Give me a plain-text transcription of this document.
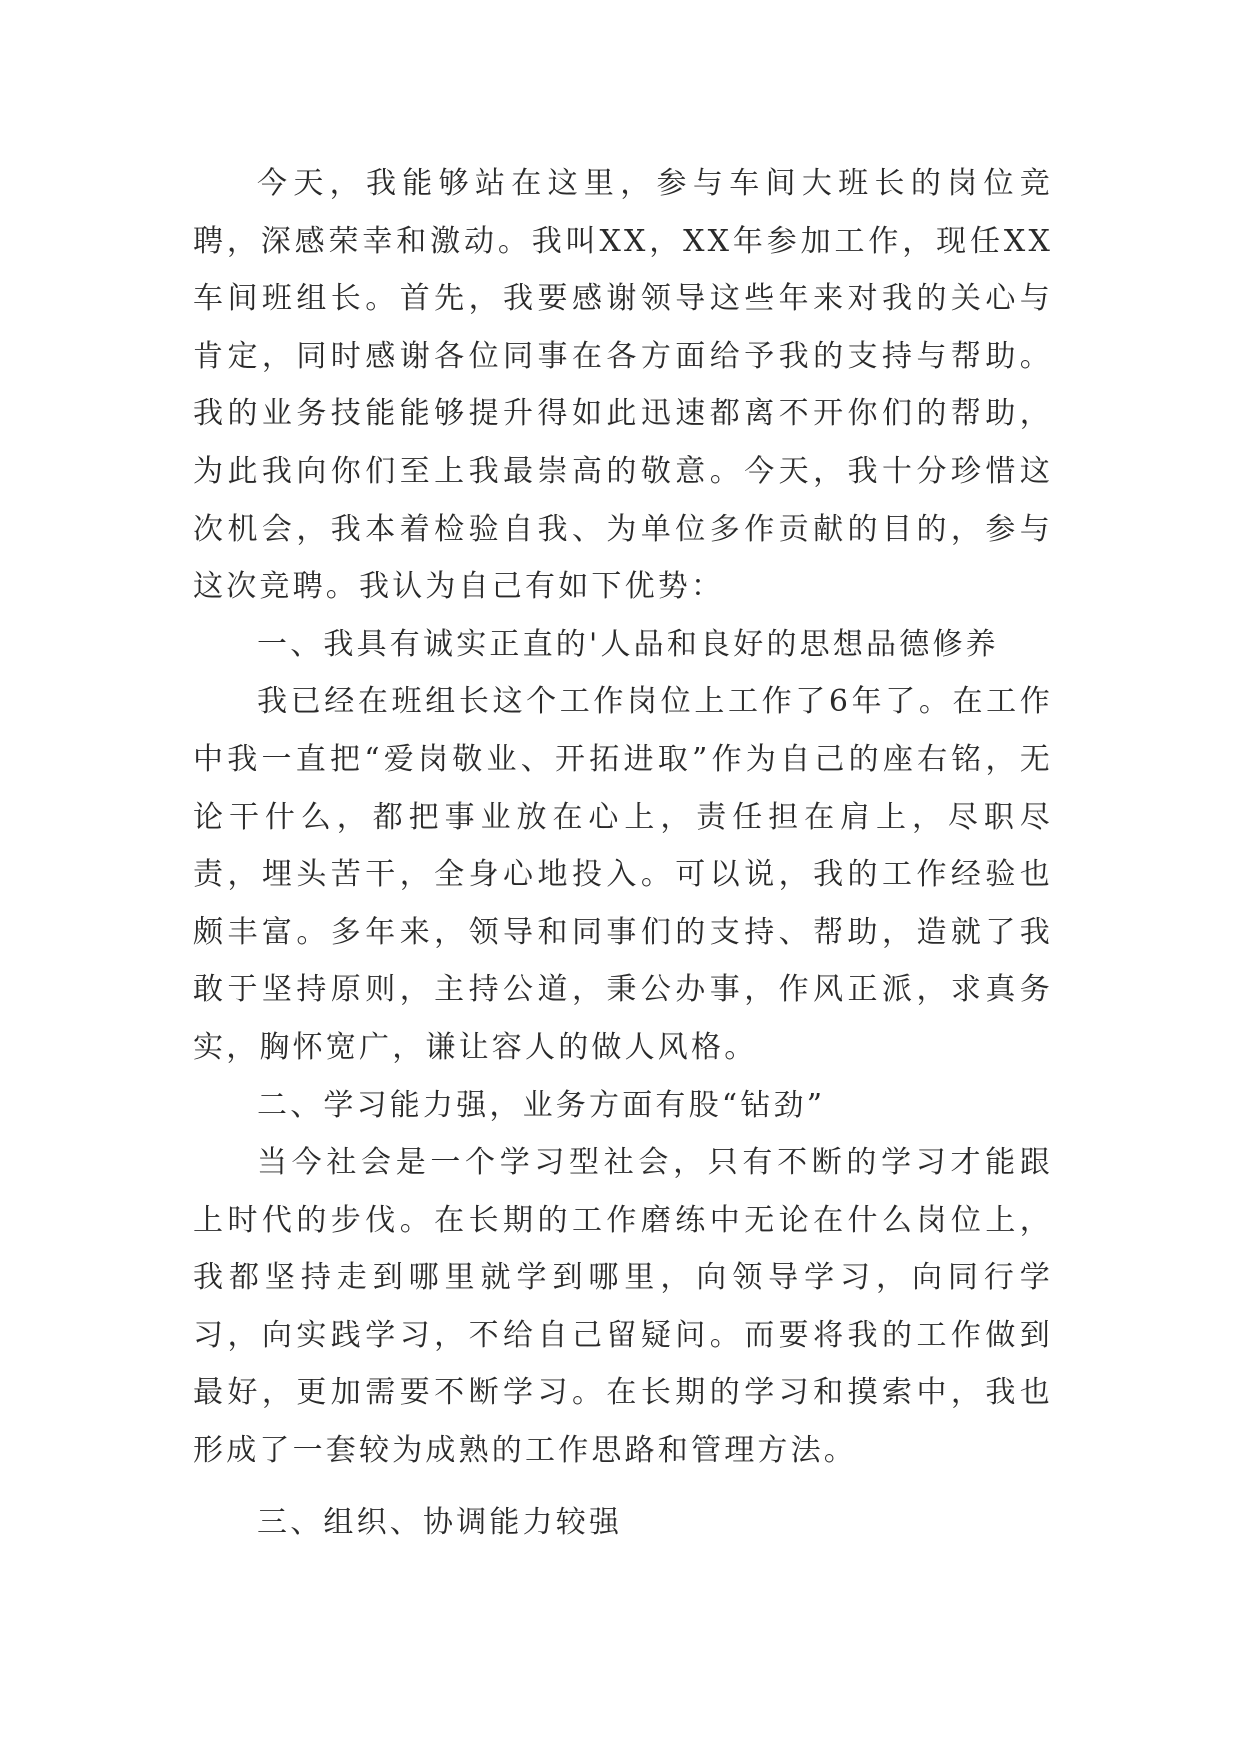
今天，我能够站在这里，参与车间大班长的岗位竞聘，深感荣幸和激动。我叫XX，XX年参加工作，现任XX车间班组长。首先，我要感谢领导这些年来对我的关心与肯定，同时感谢各位同事在各方面给予我的支持与帮助。我的业务技能能够提升得如此迅速都离不开你们的帮助，为此我向你们至上我最崇高的敬意。今天，我十分珍惜这次机会，我本着检验自我、为单位多作贡献的目的，参与这次竞聘。我认为自己有如下优势：

一、我具有诚实正直的'人品和良好的思想品德修养

我已经在班组长这个工作岗位上工作了6年了。在工作中我一直把“爱岗敬业、开拓进取”作为自己的座右铭，无论干什么，都把事业放在心上，责任担在肩上，尽职尽责，埋头苦干，全身心地投入。可以说，我的工作经验也颇丰富。多年来，领导和同事们的支持、帮助，造就了我敢于坚持原则，主持公道，秉公办事，作风正派，求真务实，胸怀宽广，谦让容人的做人风格。

二、学习能力强，业务方面有股“钻劲”

当今社会是一个学习型社会，只有不断的学习才能跟上时代的步伐。在长期的工作磨练中无论在什么岗位上，我都坚持走到哪里就学到哪里，向领导学习，向同行学习，向实践学习，不给自己留疑问。而要将我的工作做到最好，更加需要不断学习。在长期的学习和摸索中，我也形成了一套较为成熟的工作思路和管理方法。

三、组织、协调能力较强
